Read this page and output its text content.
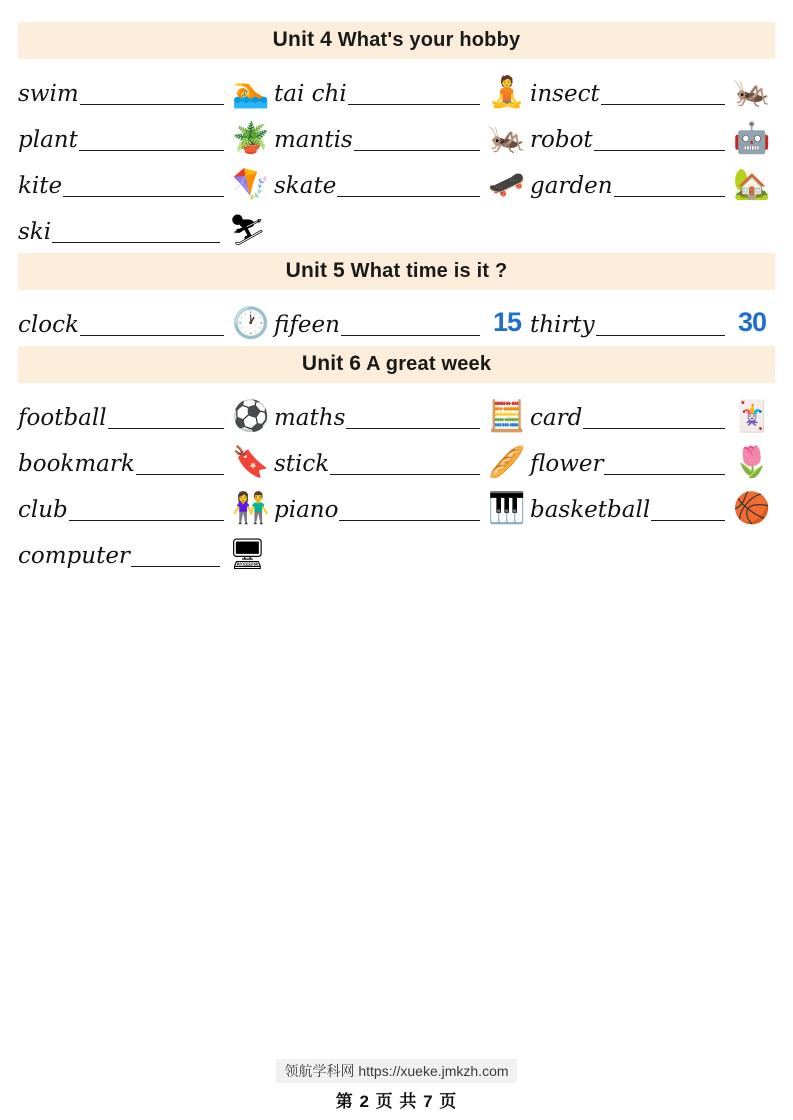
Unit 4 What's your hobby
swim	🏊 tai chi	🧘 insect	🦗
plant	🪴 mantis	🦗 robot	🤖
kite	🪁 skate	🛹 garden	🏡
ski	⛷
Unit 5 What time is it ?
clock	🕐 fifeen	15 thirty	30
Unit 6 A great week
football	⚽ maths	🧮 card	🃏
bookmark	🔖 stick	🥖 flower	🌷
club	👫 piano	🎹 basketball	🏀
computer	🖥
领航学科网 https://xueke.jmkzh.com
第 2 页 共 7 页
